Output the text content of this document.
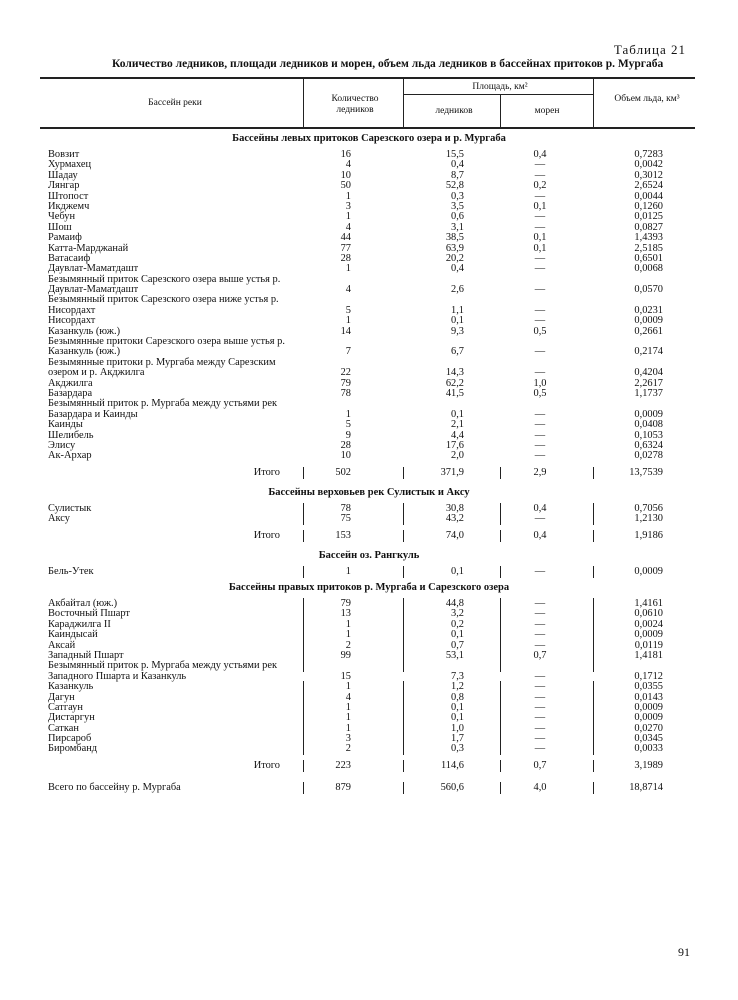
Таблица 21
Количество ледников, площади ледников и морен, объем льда ледников в бассейнах притоков р. Мургаба
Бассейн реки	Количество ледников
Площадь, км²
ледников	морен
Объем льда, км³
Бассейны левых притоков Сарезского озера и р. Мургаба
Вовзит	16	15,5	0,4	0,7283
Хурмахец	4	0,4	—	0,0042
Шадау	10	8,7	—	0,3012
Лянгар	50	52,8	0,2	2,6524
Штопост	1	0,3	—	0,0044
Икджемч	3	3,5	0,1	0,1260
Чебун	1	0,6	—	0,0125
Шош	4	3,1	—	0,0827
Рамаиф	44	38,5	0,1	1,4393
Катта-Марджанай	77	63,9	0,1	2,5185
Ватасаиф	28	20,2	—	0,6501
Даувлат-Маматдашт	1	0,4	—	0,0068
Безымянный приток Сарезского озера выше устья р. Даувлат-Маматдашт	4	2,6	—	0,0570
Безымянный приток Сарезского озера ниже устья р. Нисордахт	5	1,1	—	0,0231
Нисордахт	1	0,1	—	0,0009
Казанкуль (юж.)	14	9,3	0,5	0,2661
Безымянные притоки Сарезского озера выше устья р. Казанкуль (юж.)	7	6,7	—	0,2174
Безымянные притоки р. Мургаба между Сарезским озером и р. Акджилга	22	14,3	—	0,4204
Акджилга	79	62,2	1,0	2,2617
Базардара	78	41,5	0,5	1,1737
Безымянный приток р. Мургаба между устьями рек Базардара и Каинды	1	0,1	—	0,0009
Каинды	5	2,1	—	0,0408
Шелибель	9	4,4	—	0,1053
Элису	28	17,6	—	0,6324
Ак-Архар	10	2,0	—	0,0278
Итого	502	371,9	2,9	13,7539
Бассейны верховьев рек Сулистык и Аксу
Сулистык	78	30,8	0,4	0,7056
Аксу	75	43,2	—	1,2130
Итого	153	74,0	0,4	1,9186
Бассейн оз. Рангкуль
Бель-Утек	1	0,1	—	0,0009
Бассейны правых притоков р. Мургаба и Сарезского озера
Акбайтал (юж.)	79	44,8	—	1,4161
Восточный Пшарт	13	3,2	—	0,0610
Караджилга II	1	0,2	—	0,0024
Каиндысай	1	0,1	—	0,0009
Аксай	2	0,7	—	0,0119
Западный Пшарт	99	53,1	0,7	1,4181
Безымянный приток р. Мургаба между устьями рек Западного Пшарта и Казанкуль	15	7,3	—	0,1712
Казанкуль	1	1,2	—	0,0355
Дагун	4	0,8	—	0,0143
Сатгаун	1	0,1	—	0,0009
Дистаргун	1	0,1	—	0,0009
Саткан	1	1,0	—	0,0270
Пирсароб	3	1,7	—	0,0345
Биромбанд	2	0,3	—	0,0033
Итого	223	114,6	0,7	3,1989
Всего по бассейну р. Мургаба	879	560,6	4,0	18,8714
91
